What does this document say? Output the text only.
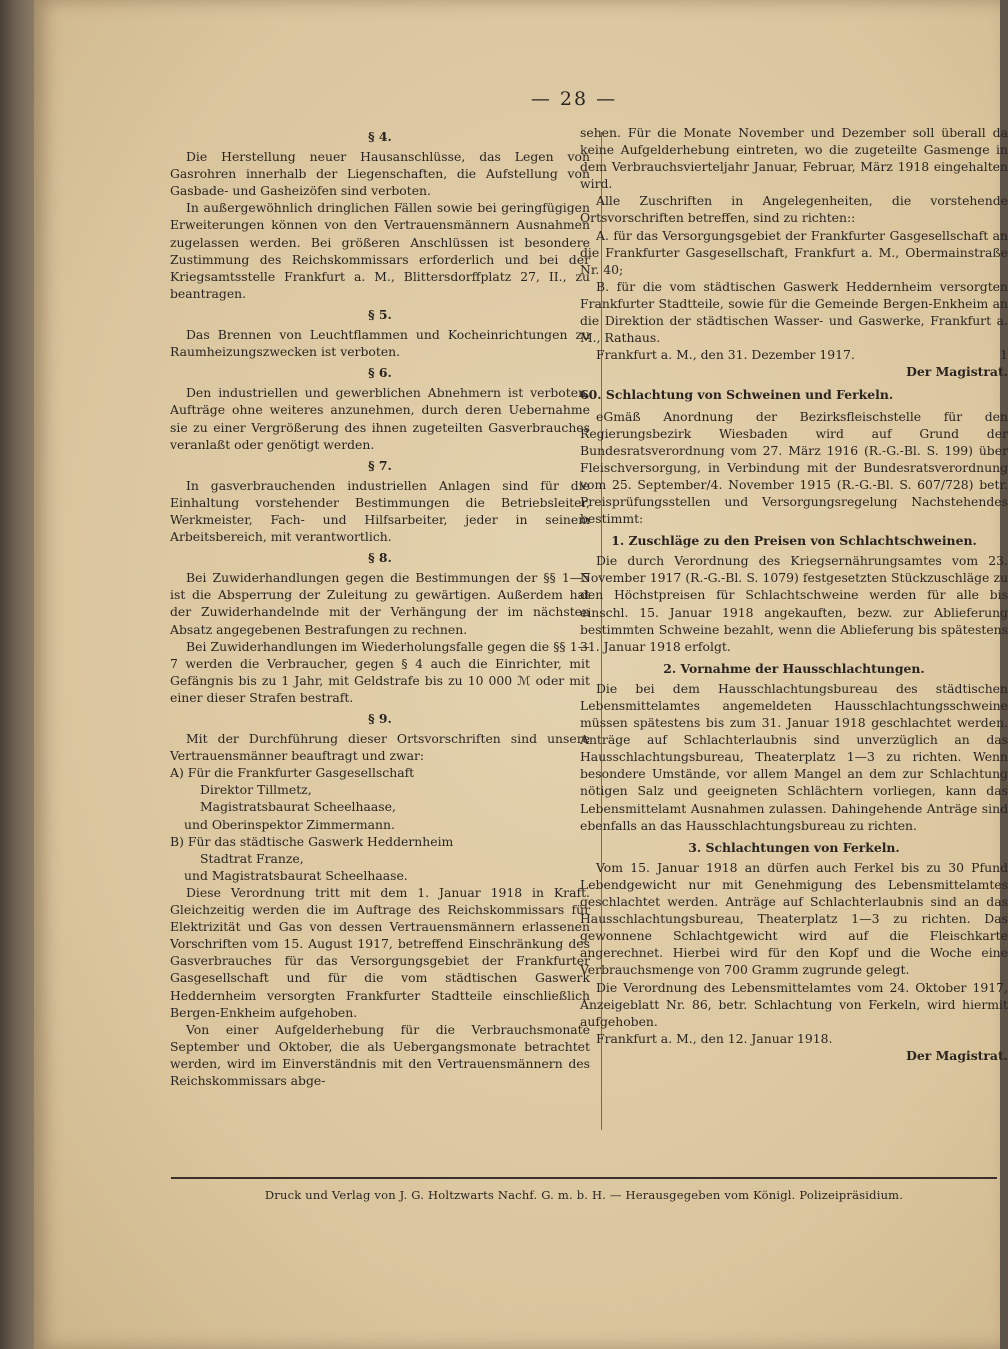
— 28 —
§ 4.

Die Herstellung neuer Hausanschlüsse, das Legen von Gasrohren innerhalb der Liegenschaften, die Aufstellung von Gasbade- und Gasheizöfen sind verboten.

In außergewöhnlich dringlichen Fällen sowie bei geringfügigen Erweiterungen können von den Vertrauensmännern Ausnahmen zugelassen werden. Bei größeren Anschlüssen ist besondere Zustimmung des Reichskommissars erforderlich und bei der Kriegsamtsstelle Frankfurt a. M., Blittersdorffplatz 27, II., zu beantragen.

§ 5.

Das Brennen von Leuchtflammen und Kocheinrichtungen zu Raumheizungszwecken ist verboten.

§ 6.

Den industriellen und gewerblichen Abnehmern ist verboten, Aufträge ohne weiteres anzunehmen, durch deren Uebernahme sie zu einer Vergrößerung des ihnen zugeteilten Gasverbrauches veranlaßt oder genötigt werden.

§ 7.

In gasverbrauchenden industriellen Anlagen sind für die Einhaltung vorstehender Bestimmungen die Betriebsleiter, Werkmeister, Fach- und Hilfsarbeiter, jeder in seinem Arbeitsbereich, mit verantwortlich.

§ 8.

Bei Zuwiderhandlungen gegen die Bestimmungen der §§ 1—5 ist die Absperrung der Zuleitung zu gewärtigen. Außerdem hat der Zuwiderhandelnde mit der Verhängung der im nächsten Absatz angegebenen Bestrafungen zu rechnen.

Bei Zuwiderhandlungen im Wiederholungsfalle gegen die §§ 1—7 werden die Verbraucher, gegen § 4 auch die Einrichter, mit Gefängnis bis zu 1 Jahr, mit Geldstrafe bis zu 10 000 ℳ oder mit einer dieser Strafen bestraft.

§ 9.

Mit der Durchführung dieser Ortsvorschriften sind unsere Vertrauensmänner beauftragt und zwar:

A) Für die Frankfurter Gasgesellschaft

Direktor Tillmetz,

Magistratsbaurat Scheelhaase,

und Oberinspektor Zimmermann.

B) Für das städtische Gaswerk Heddernheim

Stadtrat Franze,

und Magistratsbaurat Scheelhaase.

Diese Verordnung tritt mit dem 1. Januar 1918 in Kraft. Gleichzeitig werden die im Auftrage des Reichskommissars für Elektrizität und Gas von dessen Vertrauensmännern erlassenen Vorschriften vom 15. August 1917, betreffend Einschränkung des Gasverbrauches für das Versorgungsgebiet der Frankfurter Gasgesellschaft und für die vom städtischen Gaswerk Heddernheim versorgten Frankfurter Stadtteile einschließlich Bergen-Enkheim aufgehoben.

Von einer Aufgelderhebung für die Verbrauchsmonate September und Oktober, die als Uebergangsmonate betrachtet werden, wird im Einverständnis mit den Vertrauensmännern des Reichskommissars abge-

sehen. Für die Monate November und Dezember soll überall da keine Aufgelderhebung eintreten, wo die zugeteilte Gasmenge in dem Verbrauchsvierteljahr Januar, Februar, März 1918 eingehalten wird.

Alle Zuschriften in Angelegenheiten, die vorstehende Ortsvorschriften betreffen, sind zu richten::

A. für das Versorgungsgebiet der Frankfurter Gasgesellschaft an die Frankfurter Gasgesellschaft, Frankfurt a. M., Obermainstraße Nr. 40;

B. für die vom städtischen Gaswerk Heddernheim versorgten Frankfurter Stadtteile, sowie für die Gemeinde Bergen-Enkheim an die Direktion der städtischen Wasser- und Gaswerke, Frankfurt a. M., Rathaus.

Frankfurt a. M., den 31. Dezember 1917.	1

Der Magistrat.
60. Schlachtung von Schweinen und Ferkeln.

eGmäß Anordnung der Bezirksfleischstelle für den Regierungsbezirk Wiesbaden wird auf Grund der Bundesratsverordnung vom 27. März 1916 (R.-G.-Bl. S. 199) über Fleischversorgung, in Verbindung mit der Bundesratsverordnung vom 25. September/4. November 1915 (R.-G.-Bl. S. 607/728) betr. Preisprüfungsstellen und Versorgungsregelung Nachstehendes bestimmt:

1. Zuschläge zu den Preisen von Schlachtschweinen.

Die durch Verordnung des Kriegsernährungsamtes vom 23. November 1917 (R.-G.-Bl. S. 1079) festgesetzten Stückzuschläge zu den Höchstpreisen für Schlachtschweine werden für alle bis einschl. 15. Januar 1918 angekauften, bezw. zur Ablieferung bestimmten Schweine bezahlt, wenn die Ablieferung bis spätestens 31. Januar 1918 erfolgt.

2. Vornahme der Hausschlachtungen.

Die bei dem Hausschlachtungsbureau des städtischen Lebensmittelamtes angemeldeten Hausschlachtungsschweine müssen spätestens bis zum 31. Januar 1918 geschlachtet werden. Anträge auf Schlachterlaubnis sind unverzüglich an das Hausschlachtungsbureau, Theaterplatz 1—3 zu richten. Wenn besondere Umstände, vor allem Mangel an dem zur Schlachtung nötigen Salz und geeigneten Schlächtern vorliegen, kann das Lebensmittelamt Ausnahmen zulassen. Dahingehende Anträge sind ebenfalls an das Hausschlachtungsbureau zu richten.

3. Schlachtungen von Ferkeln.

Vom 15. Januar 1918 an dürfen auch Ferkel bis zu 30 Pfund Lebendgewicht nur mit Genehmigung des Lebensmittelamtes geschlachtet werden. Anträge auf Schlachterlaubnis sind an das Hausschlachtungsbureau, Theaterplatz 1—3 zu richten. Das gewonnene Schlachtgewicht wird auf die Fleischkarte angerechnet. Hierbei wird für den Kopf und die Woche eine Verbrauchsmenge von 700 Gramm zugrunde gelegt.

Die Verordnung des Lebensmittelamtes vom 24. Oktober 1917, Anzeigeblatt Nr. 86, betr. Schlachtung von Ferkeln, wird hiermit aufgehoben.

Frankfurt a. M., den 12. Januar 1918.

Der Magistrat.
Druck und Verlag von J. G. Holtzwarts Nachf. G. m. b. H. — Herausgegeben vom Königl. Polizeipräsidium.
